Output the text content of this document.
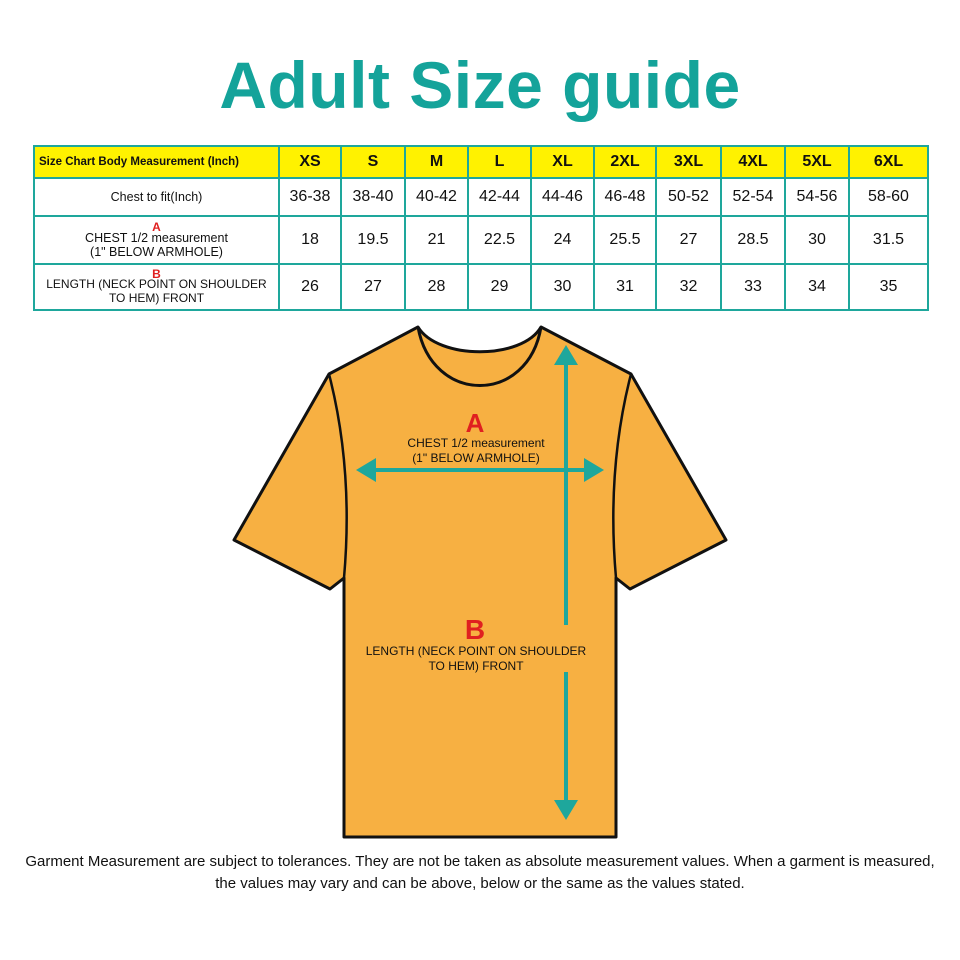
Adult Size guide
Size Chart Body Measurement (Inch)	XS	S	M	L	XL	2XL	3XL	4XL	5XL	6XL
Chest to fit(Inch)	36-38	38-40	40-42	42-44	44-46	46-48	50-52	52-54	54-56	58-60

A
CHEST 1/2 measurement
(1" BELOW ARMHOLE)	18	19.5	21	22.5	24	25.5	27	28.5	30	31.5

B
LENGTH (NECK POINT ON SHOULDER
TO HEM) FRONT	26	27	28	29	30	31	32	33	34	35
A
CHEST 1/2 measurement
(1" BELOW ARMHOLE)
B
LENGTH (NECK POINT ON SHOULDER
TO HEM) FRONT
Garment Measurement are subject to tolerances. They are not be taken as absolute measurement values. When a garment is measured, the values may vary and can be above, below or the same as the values stated.
